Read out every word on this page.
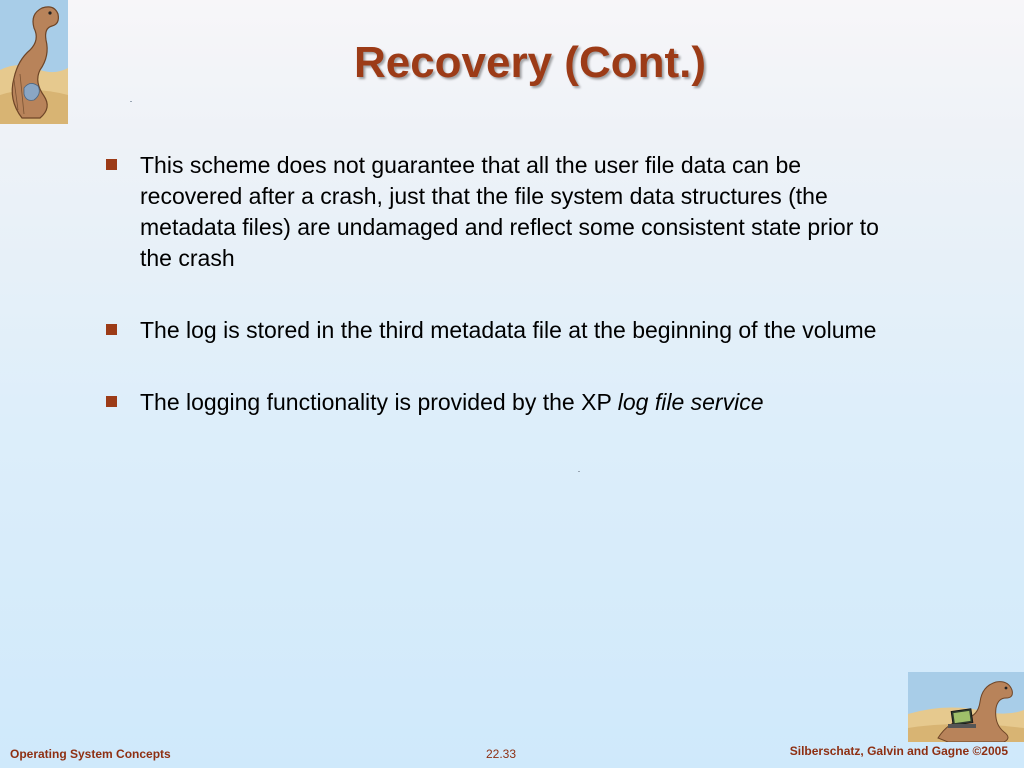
Recovery (Cont.)
This scheme does not guarantee that all the user file data can be recovered after a crash, just that the file system data structures (the metadata files) are undamaged and reflect some consistent state prior to the crash
The log is stored in the third metadata file at the beginning of the volume
The logging functionality is provided by the XP log file service
Operating System Concepts	22.33	Silberschatz, Galvin and Gagne ©2005
